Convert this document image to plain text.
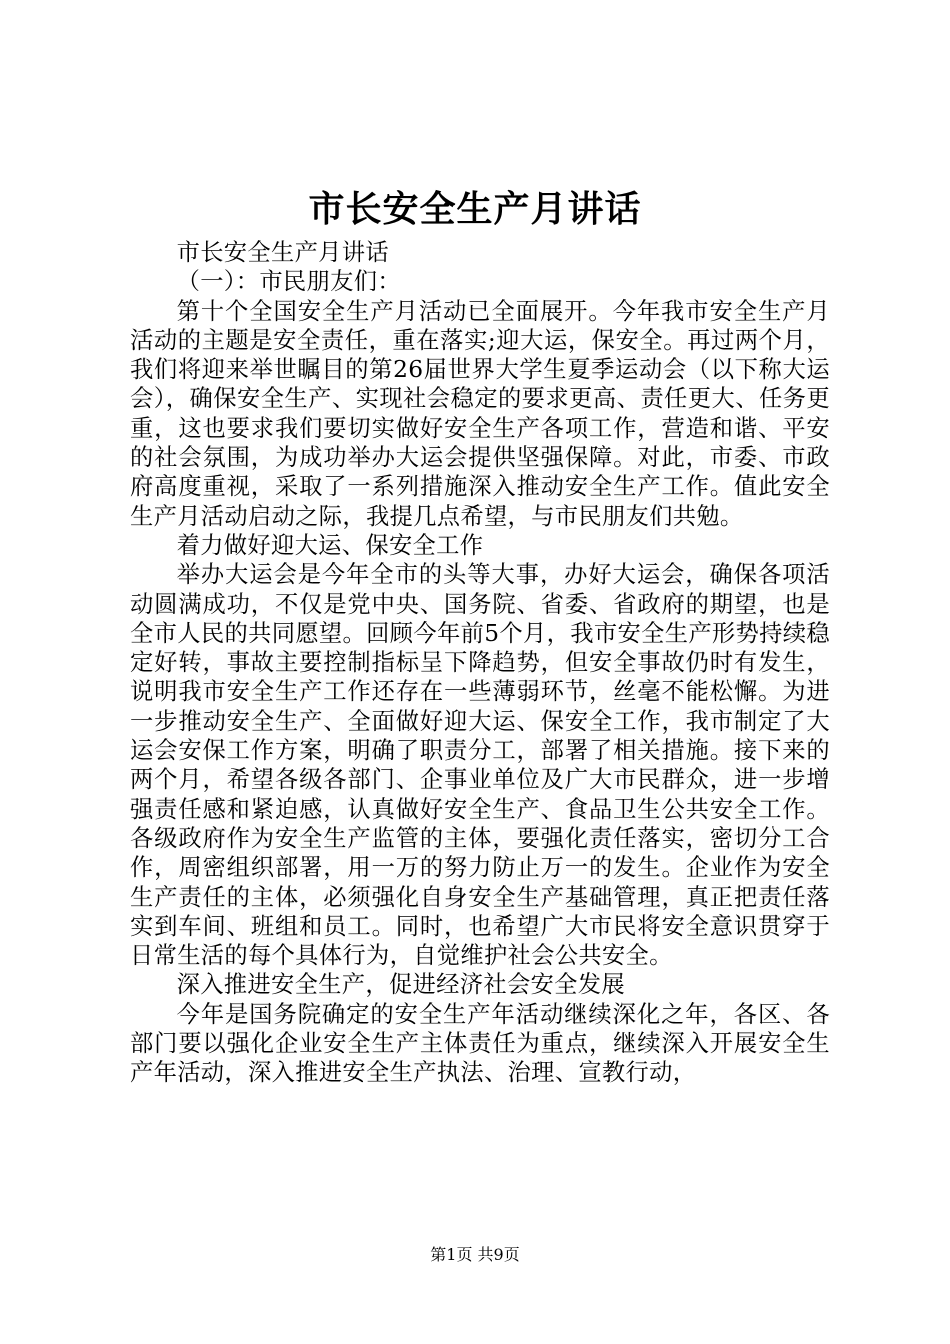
市长安全生产月讲话

市长安全生产月讲话

（一）：市民朋友们：

第十个全国安全生产月活动已全面展开。今年我市安全生产月活动的主题是安全责任，重在落实;迎大运，保安全。再过两个月，我们将迎来举世瞩目的第26届世界大学生夏季运动会（以下称大运会），确保安全生产、实现社会稳定的要求更高、责任更大、任务更重，这也要求我们要切实做好安全生产各项工作，营造和谐、平安的社会氛围，为成功举办大运会提供坚强保障。对此，市委、市政府高度重视，采取了一系列措施深入推动安全生产工作。值此安全生产月活动启动之际，我提几点希望，与市民朋友们共勉。

着力做好迎大运、保安全工作

举办大运会是今年全市的头等大事，办好大运会，确保各项活动圆满成功，不仅是党中央、国务院、省委、省政府的期望，也是全市人民的共同愿望。回顾今年前5个月，我市安全生产形势持续稳定好转，事故主要控制指标呈下降趋势，但安全事故仍时有发生，说明我市安全生产工作还存在一些薄弱环节，丝毫不能松懈。为进一步推动安全生产、全面做好迎大运、保安全工作，我市制定了大运会安保工作方案，明确了职责分工，部署了相关措施。接下来的两个月，希望各级各部门、企事业单位及广大市民群众，进一步增强责任感和紧迫感，认真做好安全生产、食品卫生公共安全工作。各级政府作为安全生产监管的主体，要强化责任落实，密切分工合作，周密组织部署，用一万的努力防止万一的发生。企业作为安全生产责任的主体，必须强化自身安全生产基础管理，真正把责任落实到车间、班组和员工。同时，也希望广大市民将安全意识贯穿于日常生活的每个具体行为，自觉维护社会公共安全。

深入推进安全生产，促进经济社会安全发展

今年是国务院确定的安全生产年活动继续深化之年，各区、各部门要以强化企业安全生产主体责任为重点，继续深入开展安全生产年活动，深入推进安全生产执法、治理、宣教行动，

第1页 共9页
